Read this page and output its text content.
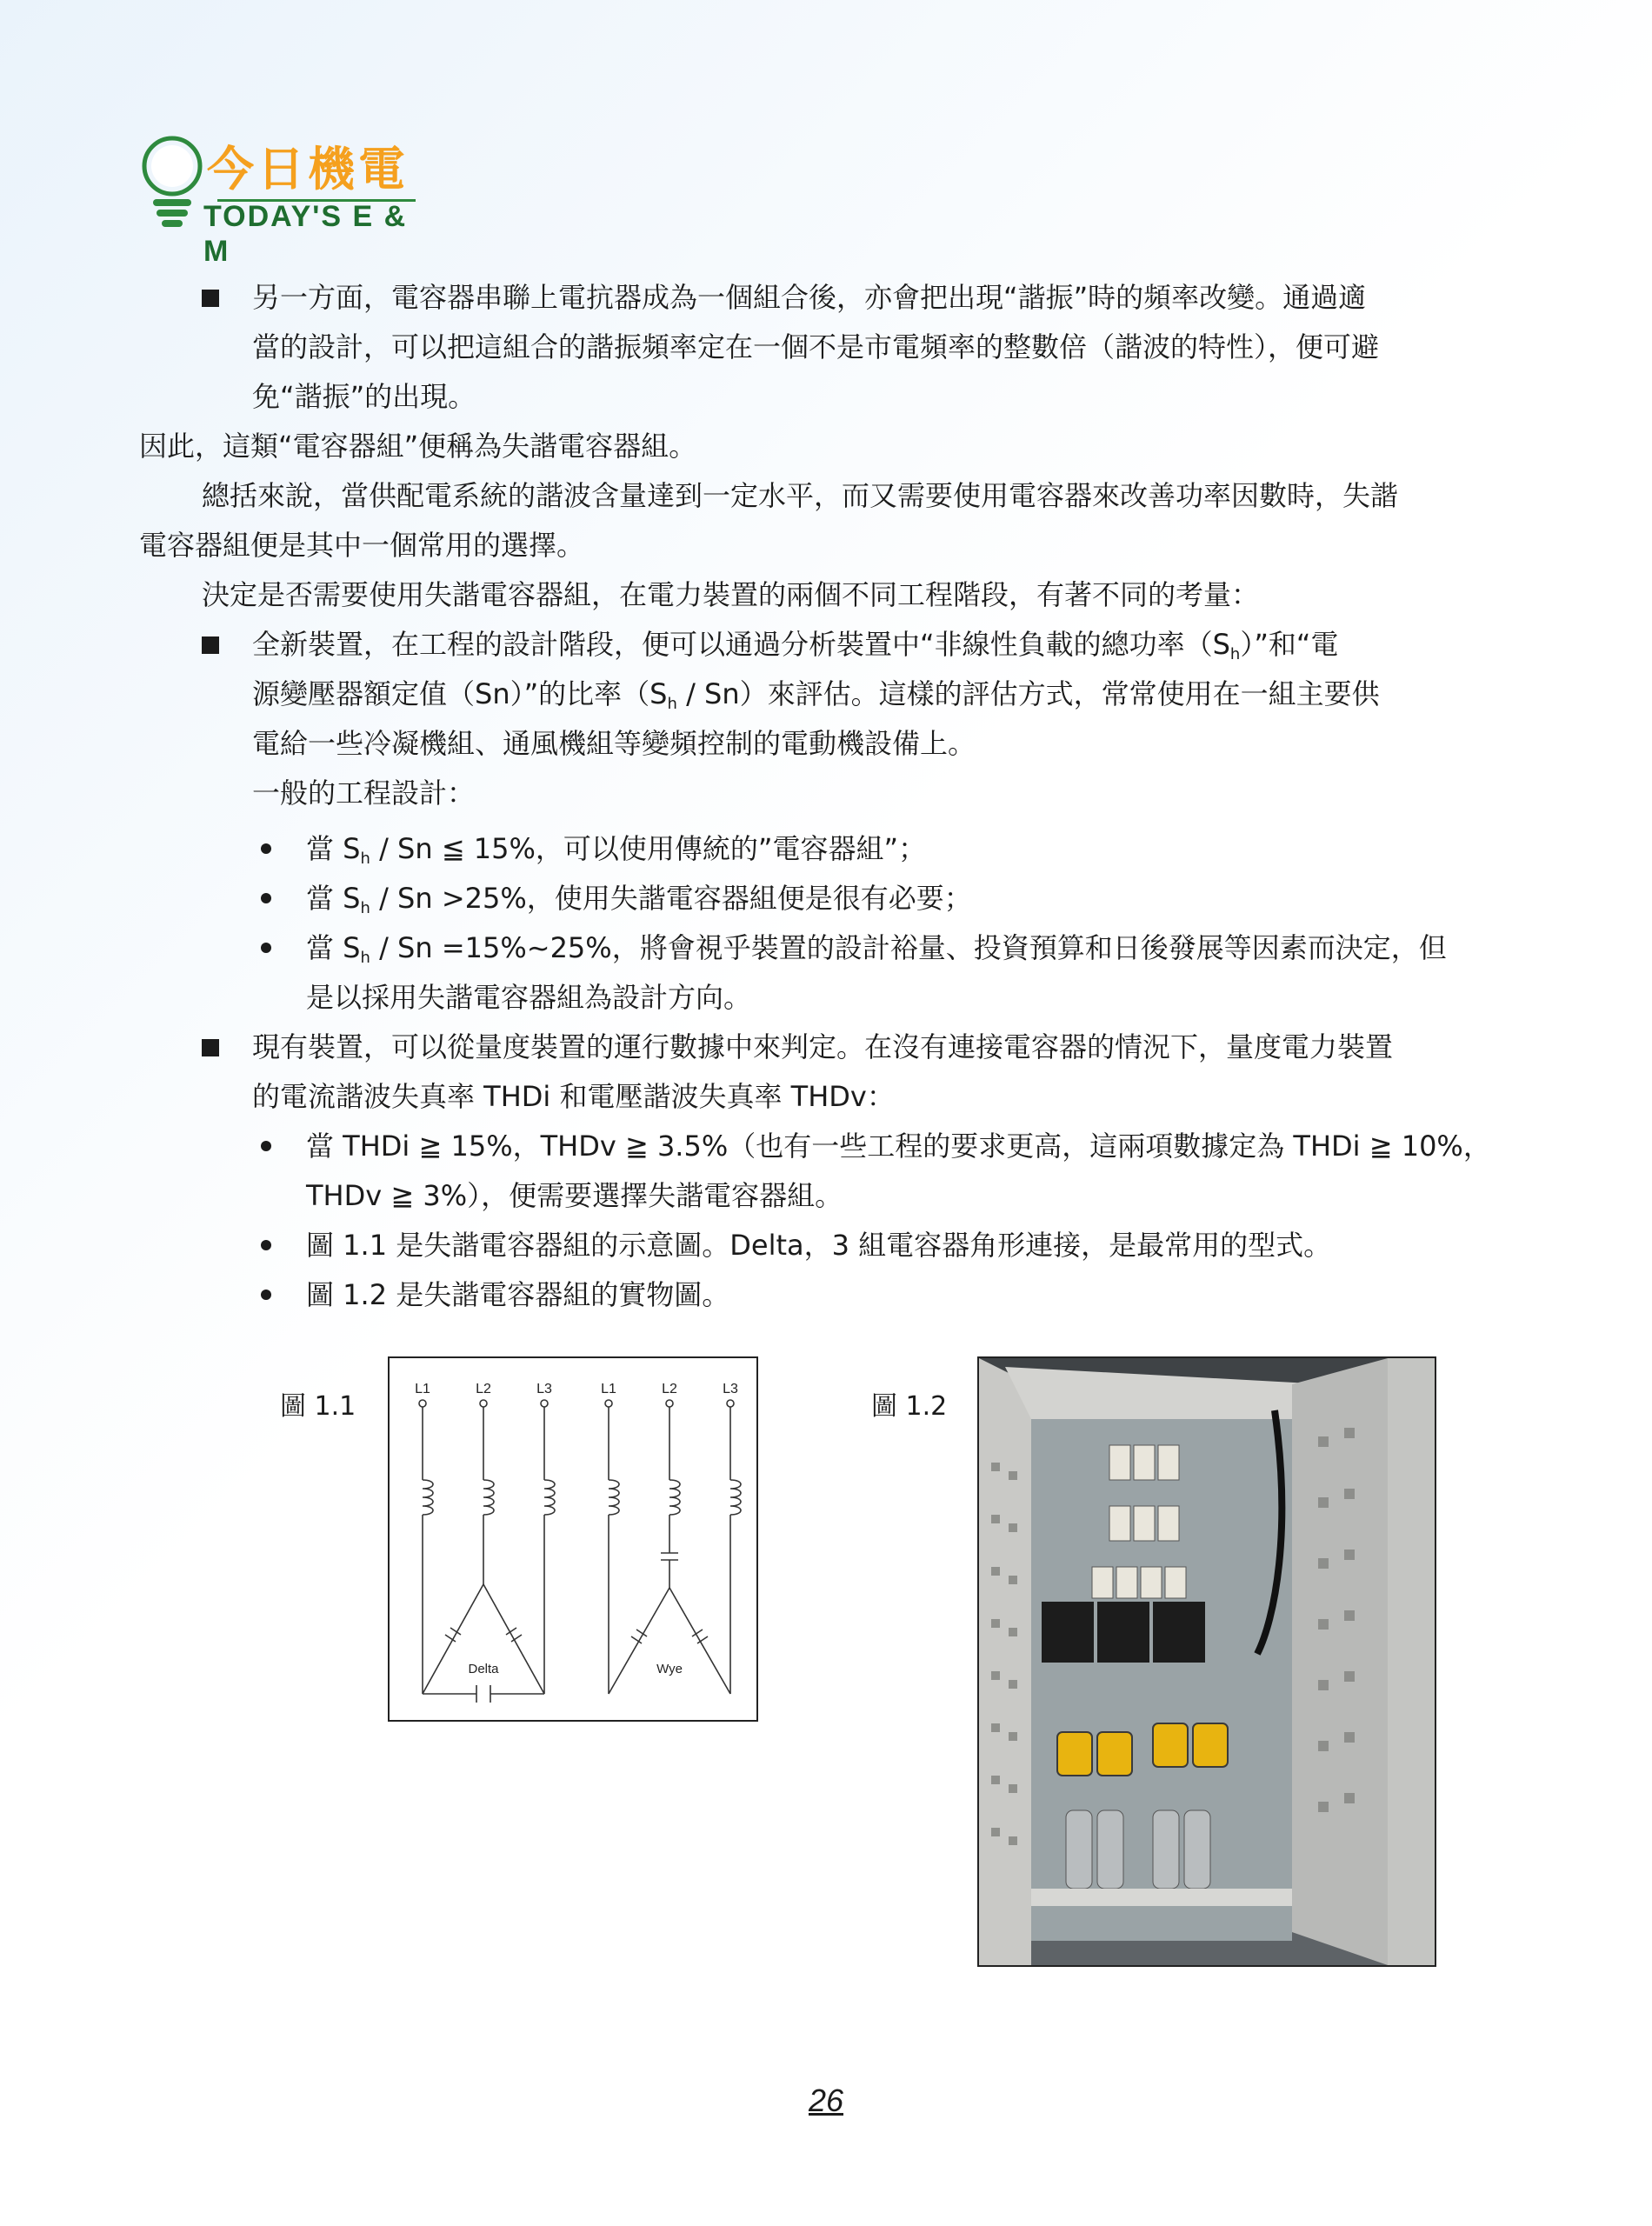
今日機電
TODAY'S E & M
另一方面，電容器串聯上電抗器成為一個組合後，亦會把出現“諧振”時的頻率改變。通過適
當的設計，可以把這組合的諧振頻率定在一個不是市電頻率的整數倍（諧波的特性），便可避
免“諧振”的出現。
因此，這類“電容器組”便稱為失諧電容器組。
總括來說，當供配電系統的諧波含量達到一定水平，而又需要使用電容器來改善功率因數時，失諧
電容器組便是其中一個常用的選擇。
決定是否需要使用失諧電容器組，在電力裝置的兩個不同工程階段，有著不同的考量：
全新裝置，在工程的設計階段，便可以通過分析裝置中“非線性負載的總功率$(S_h)$”和“電
源變壓器額定值（Sn）”的比率$(S_h / Sn)$來評估。這樣的評估方式，常常使用在一組主要供
電給一些冷凝機組、通風機組等變頻控制的電動機設備上。
一般的工程設計：
當 $S_h$ / Sn ≦ 15%，可以使用傳統的”電容器組”；
當 $S_h / Sn >25\%$，使用失諧電容器組便是很有必要；
當 $S_h$ / Sn =15%~25%，將會視乎裝置的設計裕量、投資預算和日後發展等因素而決定，但
是以採用失諧電容器組為設計方向。
現有裝置，可以從量度裝置的運行數據中來判定。在沒有連接電容器的情況下，量度電力裝置
的電流諧波失真率 THDi 和電壓諧波失真率 THDv：
當 THDi ≧ 15%，THDv ≧ 3.5%（也有一些工程的要求更高，這兩項數據定為 THDi ≧ 10%，
THDv ≧ 3%），便需要選擇失諧電容器組。
圖 1.1 是失諧電容器組的示意圖。Delta，3 組電容器角形連接，是最常用的型式。
圖 1.2 是失諧電容器組的實物圖。
圖 1.1
L1	L2	L3	L1	L2	L3
Delta	Wye
圖 1.2
26
